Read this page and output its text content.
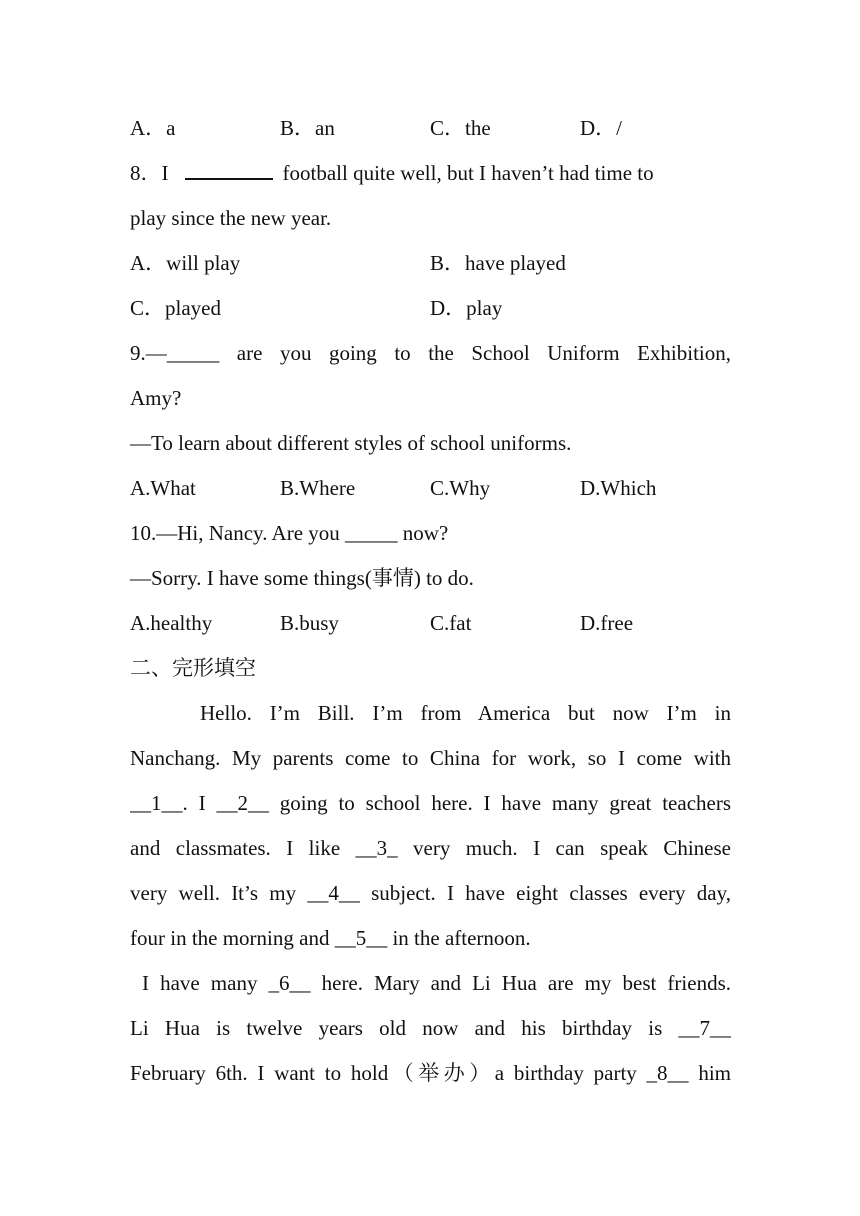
A．a	B．an	C．the	D．/
8．I	football quite well, but I haven’t had time to
play since the new year.
A．will play	B．have played
C．played	D．play
9.—_____ are you going to the School Uniform Exhibition,
Amy?
—To learn about different styles of school uniforms.
A.What	B.Where	C.Why	D.Which
10.—Hi, Nancy. Are you _____ now?
—Sorry. I have some things(事情) to do.
A.healthy	B.busy	C.fat	D.free
二、完形填空
Hello. I’m Bill. I’m from America but now I’m in
Nanchang. My parents come to China for work, so I come with
__1__. I __2__ going to school here. I have many great teachers
and classmates. I like __3_ very much. I can speak Chinese
very well. It’s my __4__ subject. I have eight classes every day,
four in the morning and __5__ in the afternoon.
I have many _6__ here. Mary and Li Hua are my best friends.
Li Hua is twelve years old now and his birthday is __7__
February 6th. I want to hold（举办）a birthday party _8__ him
